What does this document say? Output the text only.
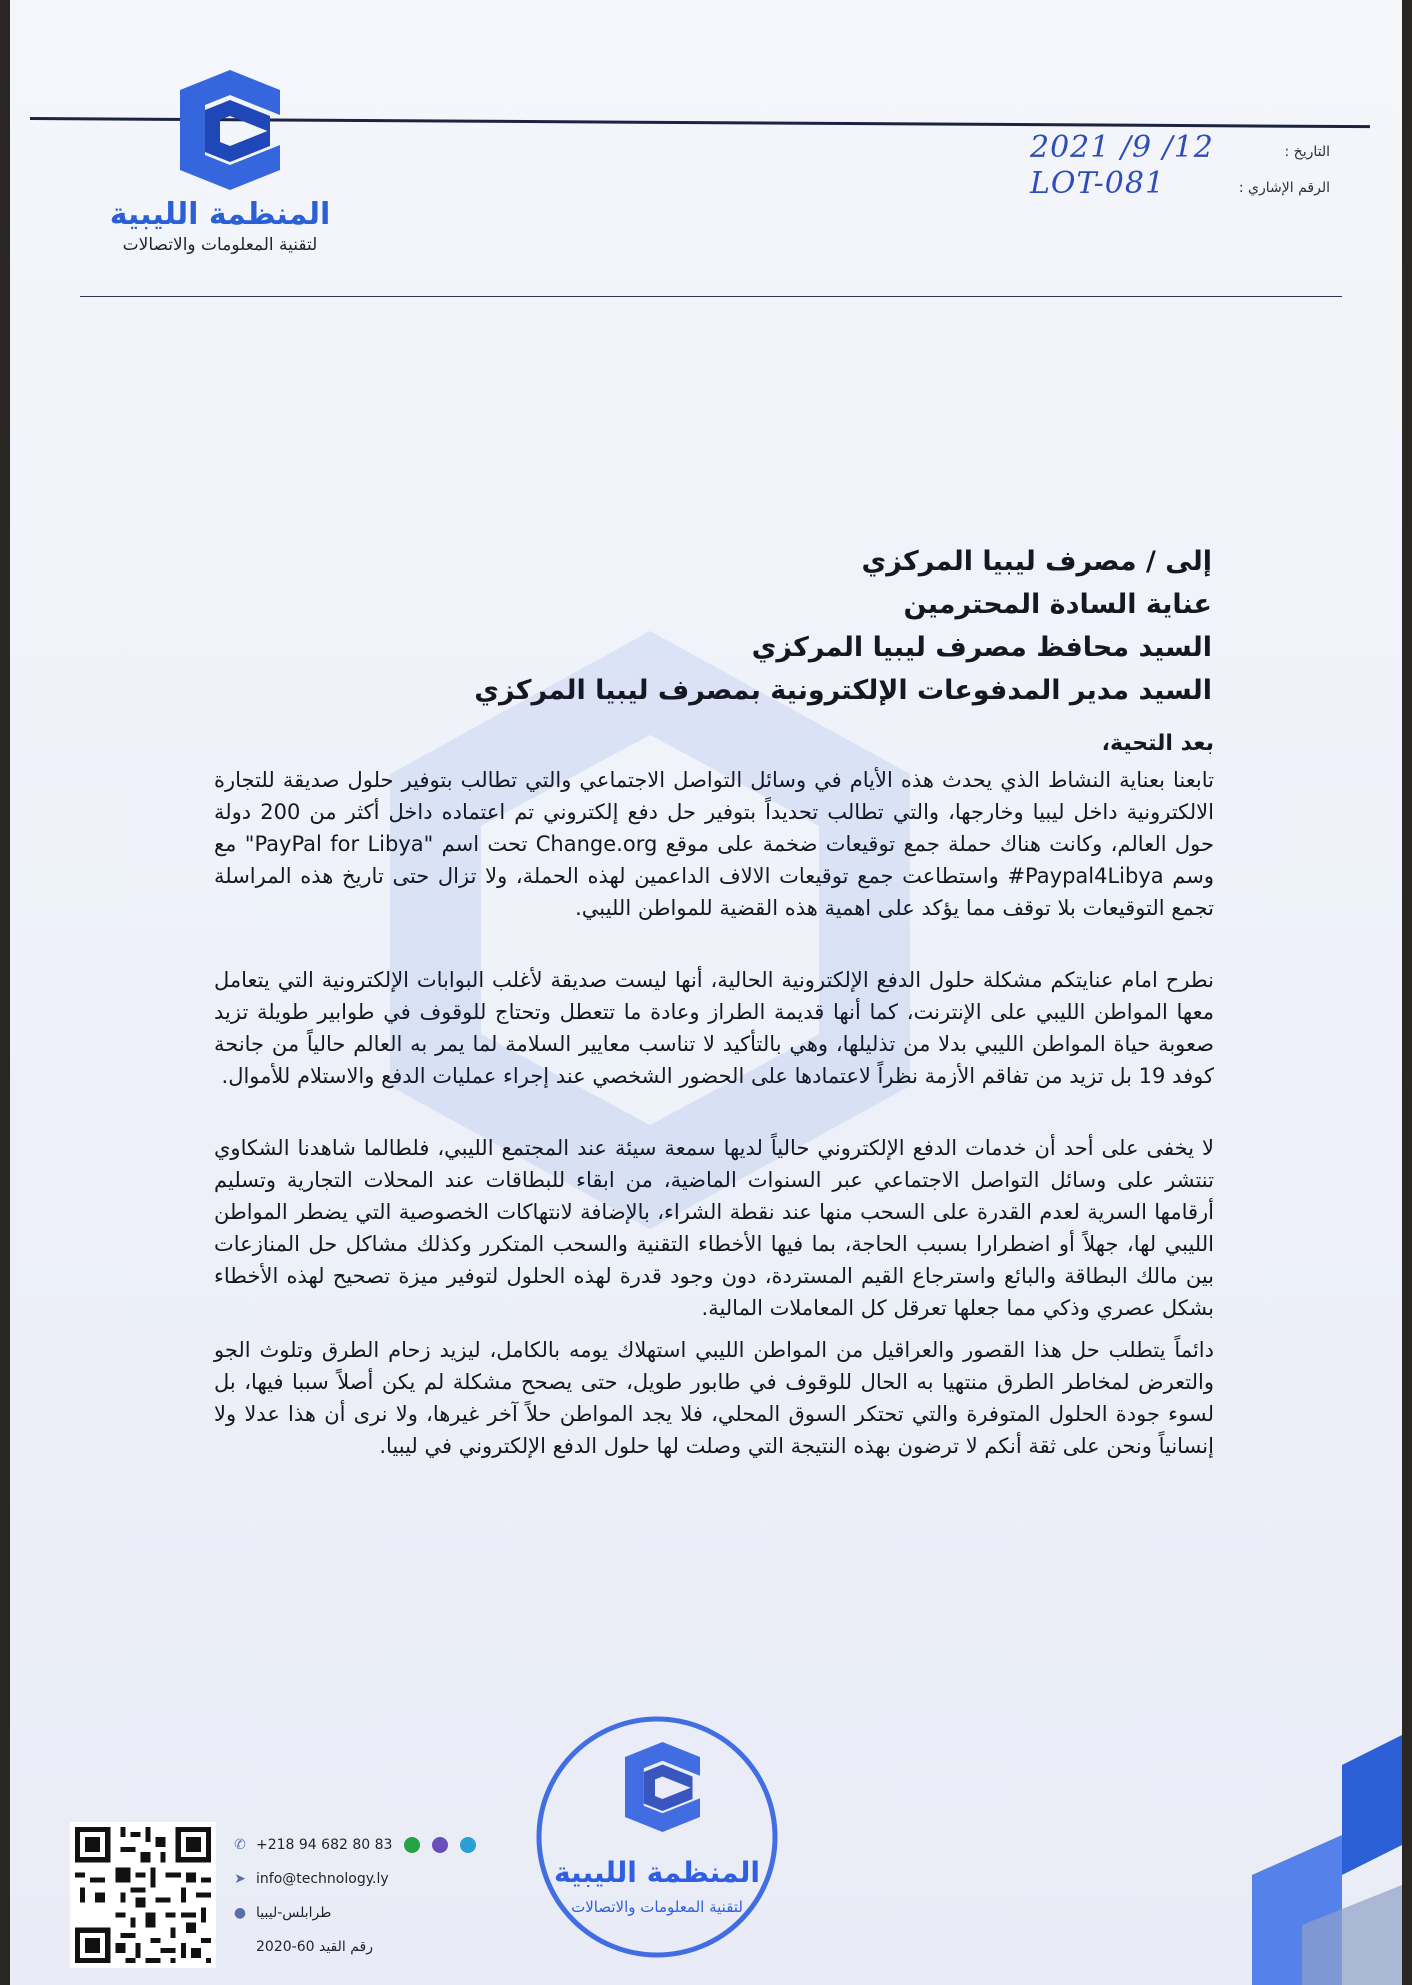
المنظمة الليبية
لتقنية المعلومات والاتصالات
التاريخ :
2021 /9 /12
الرقم الإشاري :
LOT-081
إلى / مصرف ليبيا المركزي
عناية السادة المحترمين
السيد محافظ مصرف ليبيا المركزي
السيد مدير المدفوعات الإلكترونية بمصرف ليبيا المركزي

بعد التحية،

تابعنا بعناية النشاط الذي يحدث هذه الأيام في وسائل التواصل الاجتماعي والتي تطالب بتوفير حلول صديقة للتجارة الالكترونية داخل ليبيا وخارجها، والتي تطالب تحديداً بتوفير حل دفع إلكتروني تم اعتماده داخل أكثر من 200 دولة حول العالم، وكانت هناك حملة جمع توقيعات ضخمة على موقع Change.org تحت اسم "PayPal for Libya" مع وسم Paypal4Libya# واستطاعت جمع توقيعات الالاف الداعمين لهذه الحملة، ولا تزال حتى تاريخ هذه المراسلة تجمع التوقيعات بلا توقف مما يؤكد على اهمية هذه القضية للمواطن الليبي.

نطرح امام عنايتكم مشكلة حلول الدفع الإلكترونية الحالية، أنها ليست صديقة لأغلب البوابات الإلكترونية التي يتعامل معها المواطن الليبي على الإنترنت، كما أنها قديمة الطراز وعادة ما تتعطل وتحتاج للوقوف في طوابير طويلة تزيد صعوبة حياة المواطن الليبي بدلا من تذليلها، وهي بالتأكيد لا تناسب معايير السلامة لما يمر به العالم حالياً من جانحة كوفد 19 بل تزيد من تفاقم الأزمة نظراً لاعتمادها على الحضور الشخصي عند إجراء عمليات الدفع والاستلام للأموال.

لا يخفى على أحد أن خدمات الدفع الإلكتروني حالياً لديها سمعة سيئة عند المجتمع الليبي، فلطالما شاهدنا الشكاوي تنتشر على وسائل التواصل الاجتماعي عبر السنوات الماضية، من ابقاء للبطاقات عند المحلات التجارية وتسليم أرقامها السرية لعدم القدرة على السحب منها عند نقطة الشراء، بالإضافة لانتهاكات الخصوصية التي يضطر المواطن الليبي لها، جهلاً أو اضطرارا بسبب الحاجة، بما فيها الأخطاء التقنية والسحب المتكرر وكذلك مشاكل حل المنازعات بين مالك البطاقة والبائع واسترجاع القيم المستردة، دون وجود قدرة لهذه الحلول لتوفير ميزة تصحيح لهذه الأخطاء بشكل عصري وذكي مما جعلها تعرقل كل المعاملات المالية.

دائماً يتطلب حل هذا القصور والعراقيل من المواطن الليبي استهلاك يومه بالكامل، ليزيد زحام الطرق وتلوث الجو والتعرض لمخاطر الطرق منتهيا به الحال للوقوف في طابور طويل، حتى يصحح مشكلة لم يكن أصلاً سببا فيها، بل لسوء جودة الحلول المتوفرة والتي تحتكر السوق المحلي، فلا يجد المواطن حلاً آخر غيرها، ولا نرى أن هذا عدلا ولا إنسانياً ونحن على ثقة أنكم لا ترضون بهذه النتيجة التي وصلت لها حلول الدفع الإلكتروني في ليبيا.

✆ +218 94 682 80 83
➤ info@technology.ly
● طرابلس-ليبيا
رقم القيد 60-2020
المنظمة الليبية
لتقنية المعلومات والاتصالات
